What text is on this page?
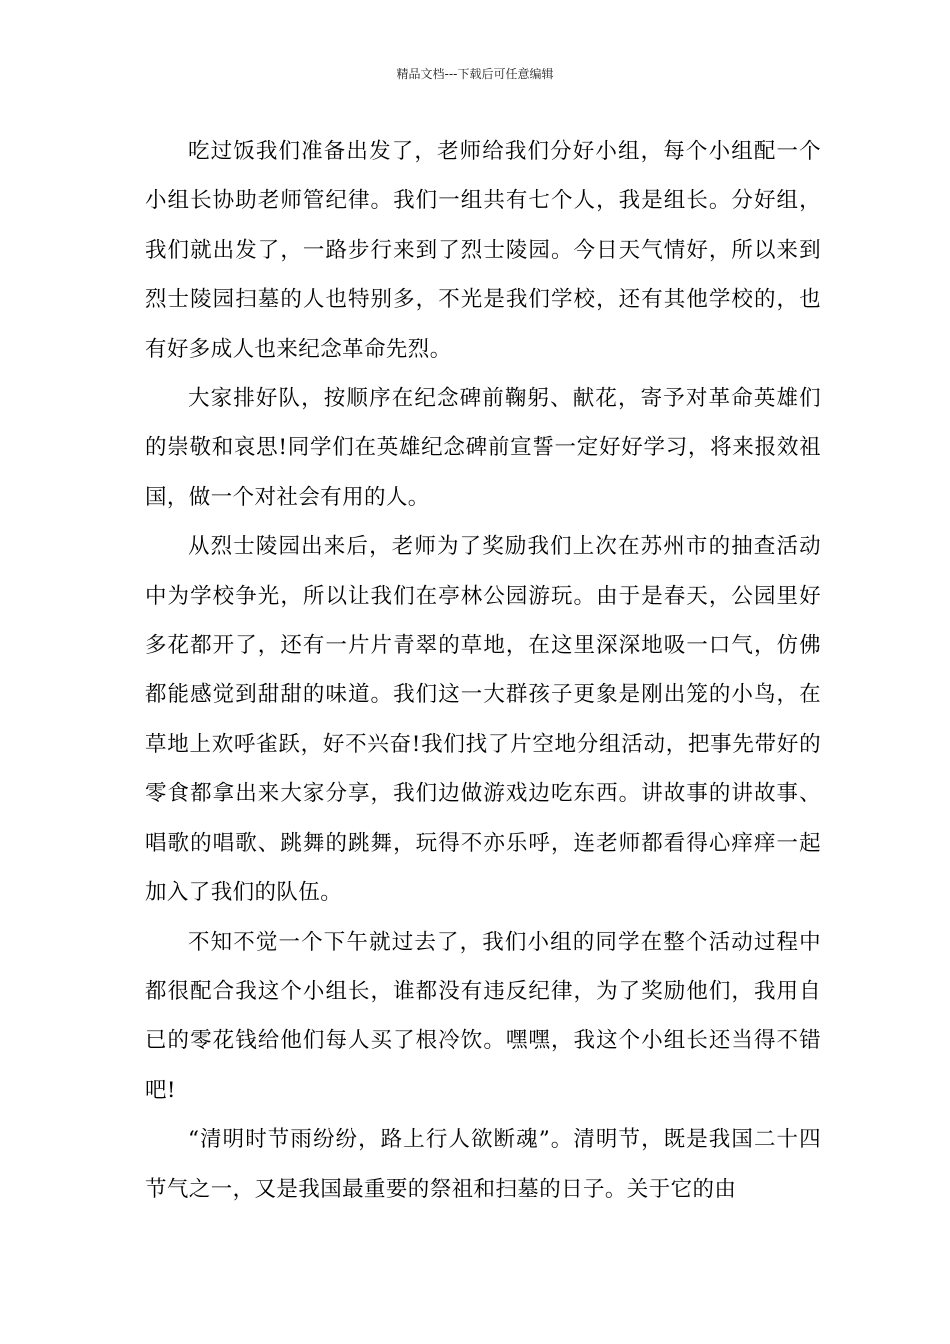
精品文档---下载后可任意编辑

吃过饭我们准备出发了，老师给我们分好小组，每个小组配一个小组长协助老师管纪律。我们一组共有七个人，我是组长。分好组，我们就出发了，一路步行来到了烈士陵园。今日天气情好，所以来到烈士陵园扫墓的人也特别多，不光是我们学校，还有其他学校的，也有好多成人也来纪念革命先烈。

大家排好队，按顺序在纪念碑前鞠躬、献花，寄予对革命英雄们的崇敬和哀思!同学们在英雄纪念碑前宣誓一定好好学习，将来报效祖国，做一个对社会有用的人。

从烈士陵园出来后，老师为了奖励我们上次在苏州市的抽查活动中为学校争光，所以让我们在亭林公园游玩。由于是春天，公园里好多花都开了，还有一片片青翠的草地，在这里深深地吸一口气，仿佛都能感觉到甜甜的味道。我们这一大群孩子更象是刚出笼的小鸟，在草地上欢呼雀跃，好不兴奋!我们找了片空地分组活动，把事先带好的零食都拿出来大家分享，我们边做游戏边吃东西。讲故事的讲故事、唱歌的唱歌、跳舞的跳舞，玩得不亦乐呼，连老师都看得心痒痒一起加入了我们的队伍。

不知不觉一个下午就过去了，我们小组的同学在整个活动过程中都很配合我这个小组长，谁都没有违反纪律，为了奖励他们，我用自已的零花钱给他们每人买了根冷饮。嘿嘿，我这个小组长还当得不错吧!

“清明时节雨纷纷，路上行人欲断魂”。清明节，既是我国二十四节气之一，又是我国最重要的祭祖和扫墓的日子。关于它的由
